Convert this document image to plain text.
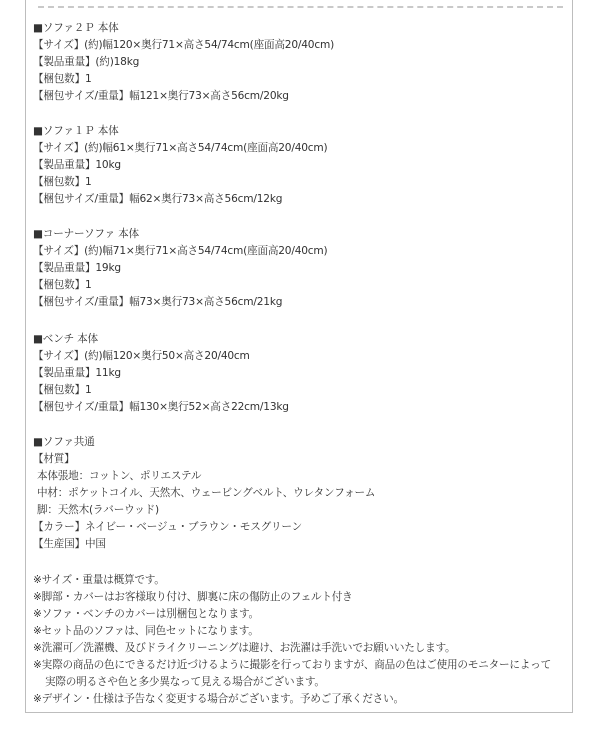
■ソファ２Ｐ 本体
【サイズ】(約)幅120×奥行71×高さ54/74cm(座面高20/40cm)
【製品重量】(約)18kg
【梱包数】1
【梱包サイズ/重量】幅121×奥行73×高さ56cm/20kg
■ソファ１Ｐ 本体
【サイズ】(約)幅61×奥行71×高さ54/74cm(座面高20/40cm)
【製品重量】10kg
【梱包数】1
【梱包サイズ/重量】幅62×奥行73×高さ56cm/12kg
■コーナーソファ 本体
【サイズ】(約)幅71×奥行71×高さ54/74cm(座面高20/40cm)
【製品重量】19kg
【梱包数】1
【梱包サイズ/重量】幅73×奥行73×高さ56cm/21kg
■ベンチ 本体
【サイズ】(約)幅120×奥行50×高さ20/40cm
【製品重量】11kg
【梱包数】1
【梱包サイズ/重量】幅130×奥行52×高さ22cm/13kg
■ソファ共通
【材質】
本体張地：コットン、ポリエステル
中材：ポケットコイル、天然木、ウェービングベルト、ウレタンフォーム
脚：天然木(ラバーウッド)
【カラー】ネイビー・ベージュ・ブラウン・モスグリーン
【生産国】中国
※サイズ・重量は概算です。
※脚部・カバーはお客様取り付け、脚裏に床の傷防止のフェルト付き
※ソファ・ベンチのカバーは別梱包となります。
※セット品のソファは、同色セットになります。
※洗濯可／洗濯機、及びドライクリーニングは避け、お洗濯は手洗いでお願いいたします。
※実際の商品の色にできるだけ近づけるように撮影を行っておりますが、商品の色はご使用のモニターによって
実際の明るさや色と多少異なって見える場合がございます。
※デザイン・仕様は予告なく変更する場合がございます。予めご了承ください。
